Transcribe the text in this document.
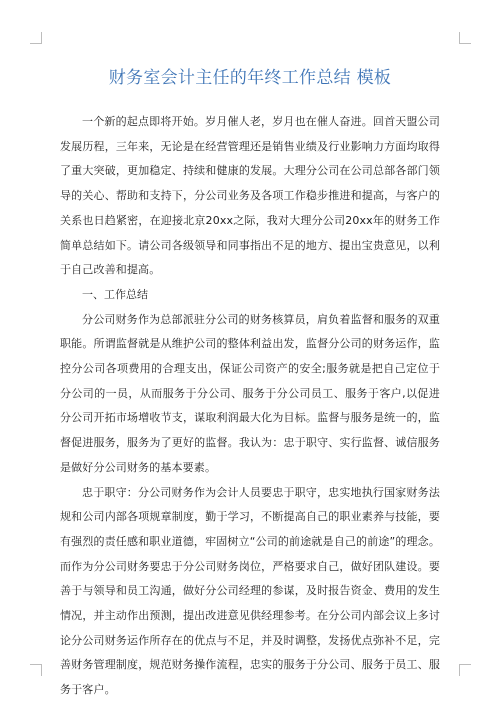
财务室会计主任的年终工作总结 模板

一个新的起点即将开始。岁月催人老，岁月也在催人奋进。回首天盟公司发展历程，三年来，无论是在经营管理还是销售业绩及行业影响力方面均取得了重大突破，更加稳定、持续和健康的发展。大理分公司在公司总部各部门领导的关心、帮助和支持下，分公司业务及各项工作稳步推进和提高，与客户的关系也日趋紧密，在迎接北京20xx之际，我对大理分公司20xx年的财务工作简单总结如下。请公司各级领导和同事指出不足的地方、提出宝贵意见，以利于自己改善和提高。

一、工作总结

分公司财务作为总部派驻分公司的财务核算员，肩负着监督和服务的双重职能。所谓监督就是从维护公司的整体利益出发，监督分公司的财务运作，监控分公司各项费用的合理支出，保证公司资产的安全;服务就是把自己定位于分公司的一员，从而服务于分公司、服务于分公司员工、服务于客户,以促进分公司开拓市场增收节支，谋取利润最大化为目标。监督与服务是统一的，监督促进服务，服务为了更好的监督。我认为：忠于职守、实行监督、诚信服务是做好分公司财务的基本要素。

忠于职守：分公司财务作为会计人员要忠于职守，忠实地执行国家财务法规和公司内部各项规章制度，勤于学习，不断提高自己的职业素养与技能，要有强烈的责任感和职业道德，牢固树立“公司的前途就是自己的前途”的理念。而作为分公司财务要忠于分公司财务岗位，严格要求自己，做好团队建设。要善于与领导和员工沟通，做好分公司经理的参谋，及时报告资金、费用的发生情况，并主动作出预测，提出改进意见供经理参考。在分公司内部会议上多讨论分公司财务运作所存在的优点与不足，并及时调整，发扬优点弥补不足，完善财务管理制度，规范财务操作流程，忠实的服务于分公司、服务于员工、服务于客户。
